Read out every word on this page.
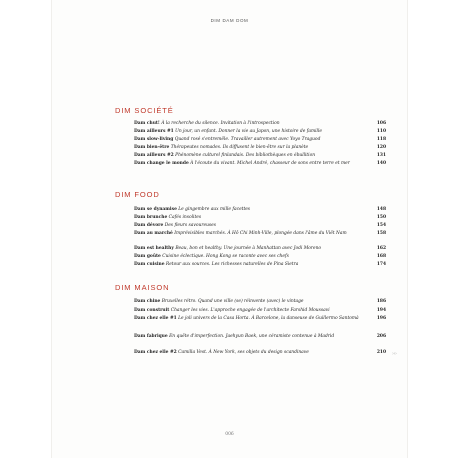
DIM DAM DOM
DIM SOCIÉTÉ
Dam chut! À la recherche du silence. Invitation à l'introspection	106
Dam ailleurs #1 Un jour, un enfant. Donner la vie au Japon, une histoire de famille	110
Dam slow-living Quand rosé s'entremêle. Travailler autrement avec Yoyo Traguod	118
Dam bien-être Thérapeutes nomades. Ils diffusent le bien-être sur la planète	120
Dam ailleurs #2 Phénomène culturel finlandais. Des bibliothèques en ébullition	131
Dam change le monde À l'écoute du vivant. Michel André, chasseur de sons entre terre et mer	140
DIM FOOD
Dam se dynamise Le gingembre aux mille facettes	148
Dam brunche Cafés insolites	150
Dam dévore Des fleurs savoureuses	154
Dam au marché Imprévisibles marchés. À Hô Chi Minh-Ville, plongée dans l'âme du Viêt Nam	158
Dam est healthy Beau, bon et healthy. Une journée à Manhattan avec Jodi Moreno	162
Dam goûte Cuisine éclectique. Hong Kong se raconte avec ses chefs	168
Dam cuisine Retour aux sources. Les richesses naturelles de Pina Sietra	174
DIM MAISON
Dam chine Bruxelles rétro. Quand une ville (se) réinvente (avec) le vintage	186
Dam construit Changer les vies. L'approche engagée de l'architecte Farshid Moussavi	194
Dam chez elle #1 Le joli univers de la Casa Horta. À Barcelone, la danseuse de Guillermo Santomà	196
Dam fabrique En quête d'imperfection. Jaehyun Baek, une céramiste contenue à Madrid	206
Dam chez elle #2 Camilla Vest. À New York, ses objets du design scandinave	210 ›››
006
